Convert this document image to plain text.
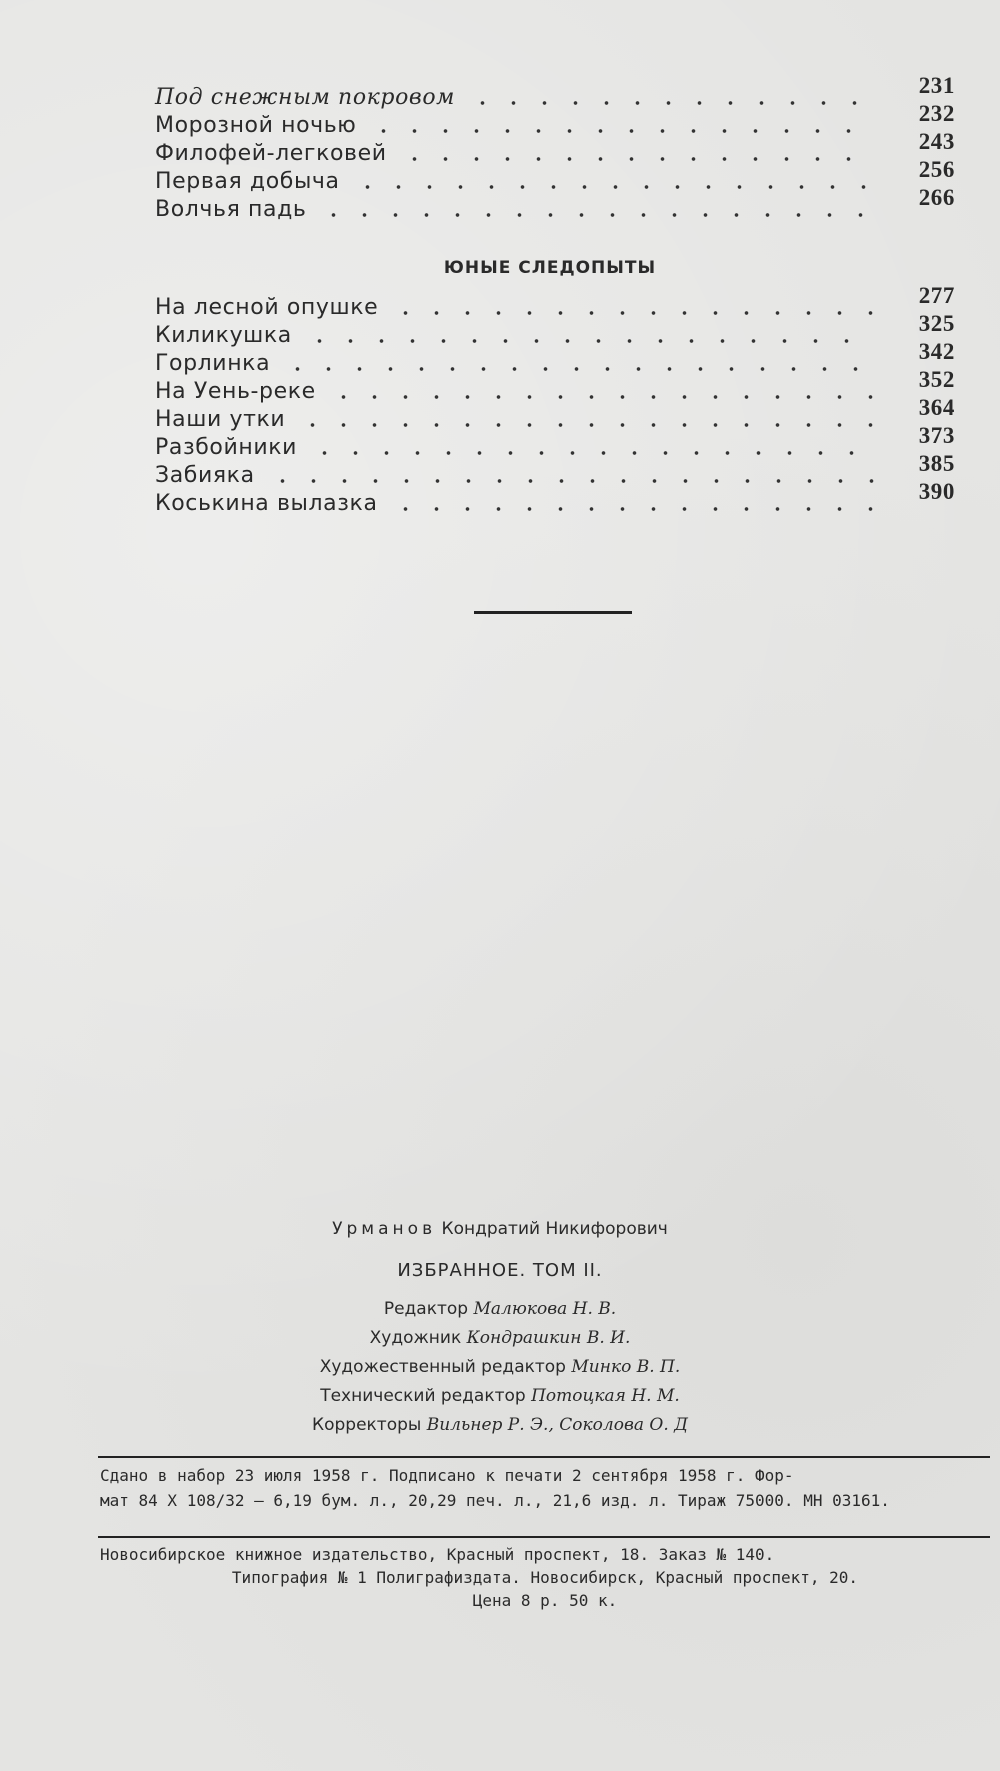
Под снежным покровом	231
Морозной ночью	232
Филофей-легковей	243
Первая добыча	256
Волчья падь	266
ЮНЫЕ СЛЕДОПЫТЫ
На лесной опушке	277
Киликушка	325
Горлинка	342
На Уень-реке	352
Наши утки	364
Разбойники	373
Забияка	385
Коськина вылазка	390
Урманов Кондратий Никифорович
ИЗБРАННОЕ. ТОМ II.
Редактор Малюкова Н. В.
Художник Кондрашкин В. И.
Художественный редактор Минко В. П.
Технический редактор Потоцкая Н. М.
Корректоры Вильнер Р. Э., Соколова О. Д
Сдано в набор 23 июля 1958 г. Подписано к печати 2 сентября 1958 г. Фор-
мат 84 X 108/32 — 6,19 бум. л., 20,29 печ. л., 21,6 изд. л. Тираж 75000. МН 03161.
Новосибирское книжное издательство, Красный проспект, 18. Заказ № 140.
Типография № 1 Полиграфиздата. Новосибирск, Красный проспект, 20.
Цена 8 р. 50 к.
